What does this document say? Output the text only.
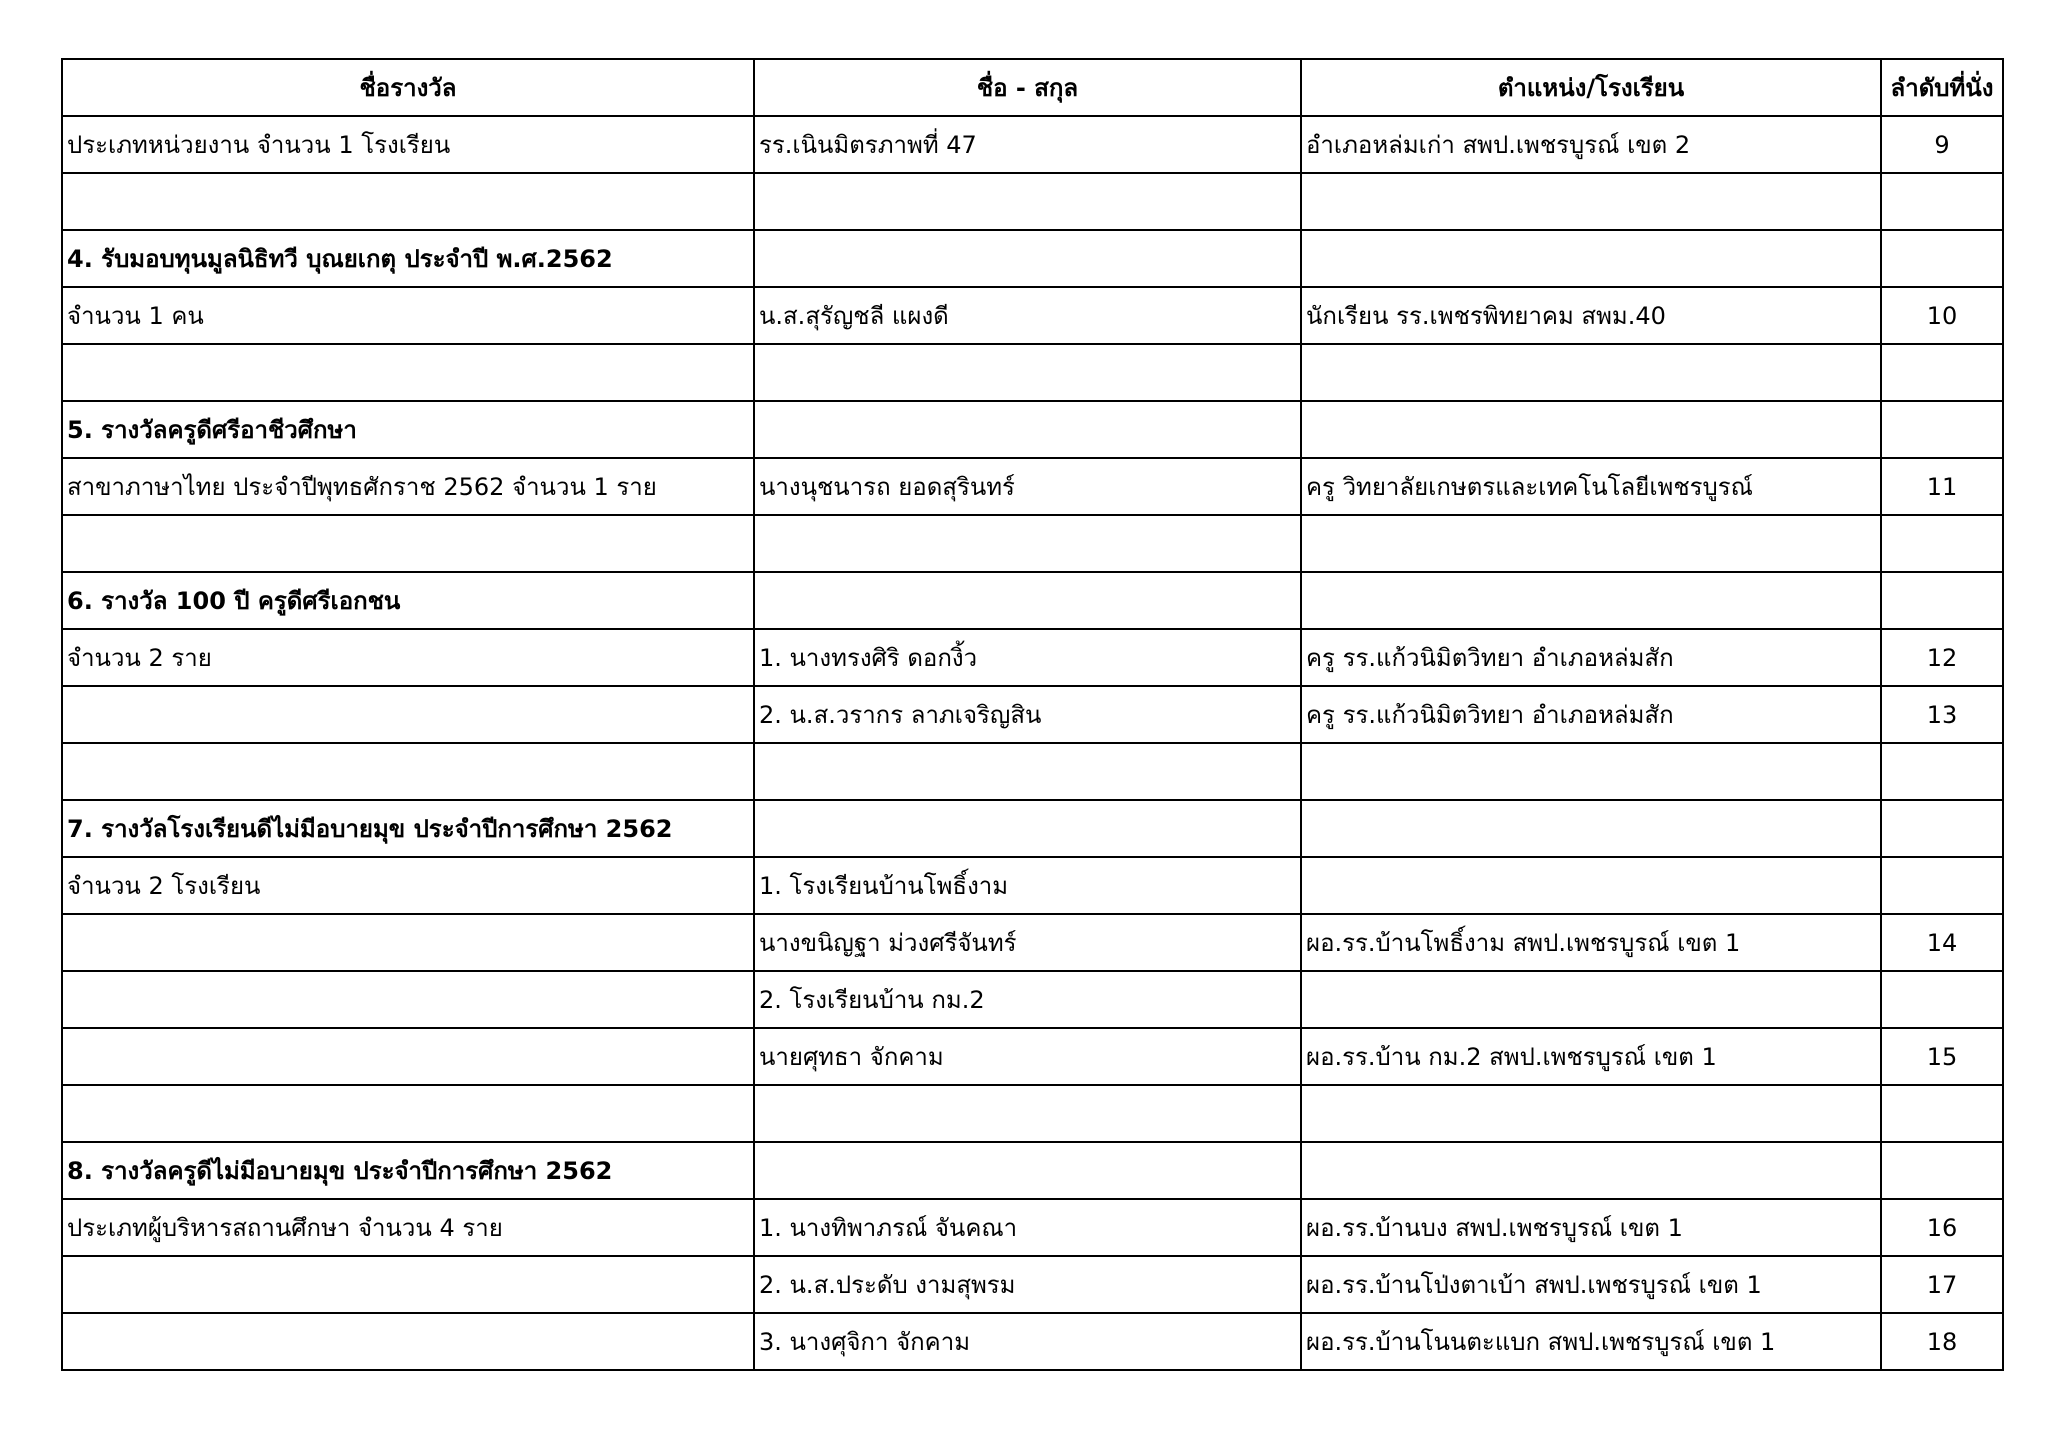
ชื่อรางวัล	ชื่อ - สกุล	ตำแหน่ง/โรงเรียน	ลำดับที่นั่ง
ประเภทหน่วยงาน จำนวน 1 โรงเรียน	รร.เนินมิตรภาพที่ 47	อำเภอหล่มเก่า สพป.เพชรบูรณ์ เขต 2	9

4. รับมอบทุนมูลนิธิทวี บุณยเกตุ ประจำปี พ.ศ.2562			
จำนวน 1 คน	น.ส.สุรัญชลี แผงดี	นักเรียน รร.เพชรพิทยาคม สพม.40	10

5. รางวัลครูดีศรีอาชีวศึกษา			
สาขาภาษาไทย ประจำปีพุทธศักราช 2562 จำนวน 1 ราย	นางนุชนารถ ยอดสุรินทร์	ครู วิทยาลัยเกษตรและเทคโนโลยีเพชรบูรณ์	11

6. รางวัล 100 ปี ครูดีศรีเอกชน			
จำนวน 2 ราย	1. นางทรงศิริ ดอกงิ้ว	ครู รร.แก้วนิมิตวิทยา อำเภอหล่มสัก	12
	2. น.ส.วรากร ลาภเจริญสิน	ครู รร.แก้วนิมิตวิทยา อำเภอหล่มสัก	13

7. รางวัลโรงเรียนดีไม่มีอบายมุข ประจำปีการศึกษา 2562			
จำนวน 2 โรงเรียน	1. โรงเรียนบ้านโพธิ์งาม		
	นางขนิญฐา ม่วงศรีจันทร์	ผอ.รร.บ้านโพธิ์งาม สพป.เพชรบูรณ์ เขต 1	14
	2. โรงเรียนบ้าน กม.2		
	นายศุทธา จักคาม	ผอ.รร.บ้าน กม.2 สพป.เพชรบูรณ์ เขต 1	15

8. รางวัลครูดีไม่มีอบายมุข ประจำปีการศึกษา 2562			
ประเภทผู้บริหารสถานศึกษา จำนวน 4 ราย	1. นางทิพาภรณ์ จันคณา	ผอ.รร.บ้านบง สพป.เพชรบูรณ์ เขต 1	16
	2. น.ส.ประดับ งามสุพรม	ผอ.รร.บ้านโป่งตาเบ้า สพป.เพชรบูรณ์ เขต 1	17
	3. นางศุจิกา จักคาม	ผอ.รร.บ้านโนนตะแบก สพป.เพชรบูรณ์ เขต 1	18
